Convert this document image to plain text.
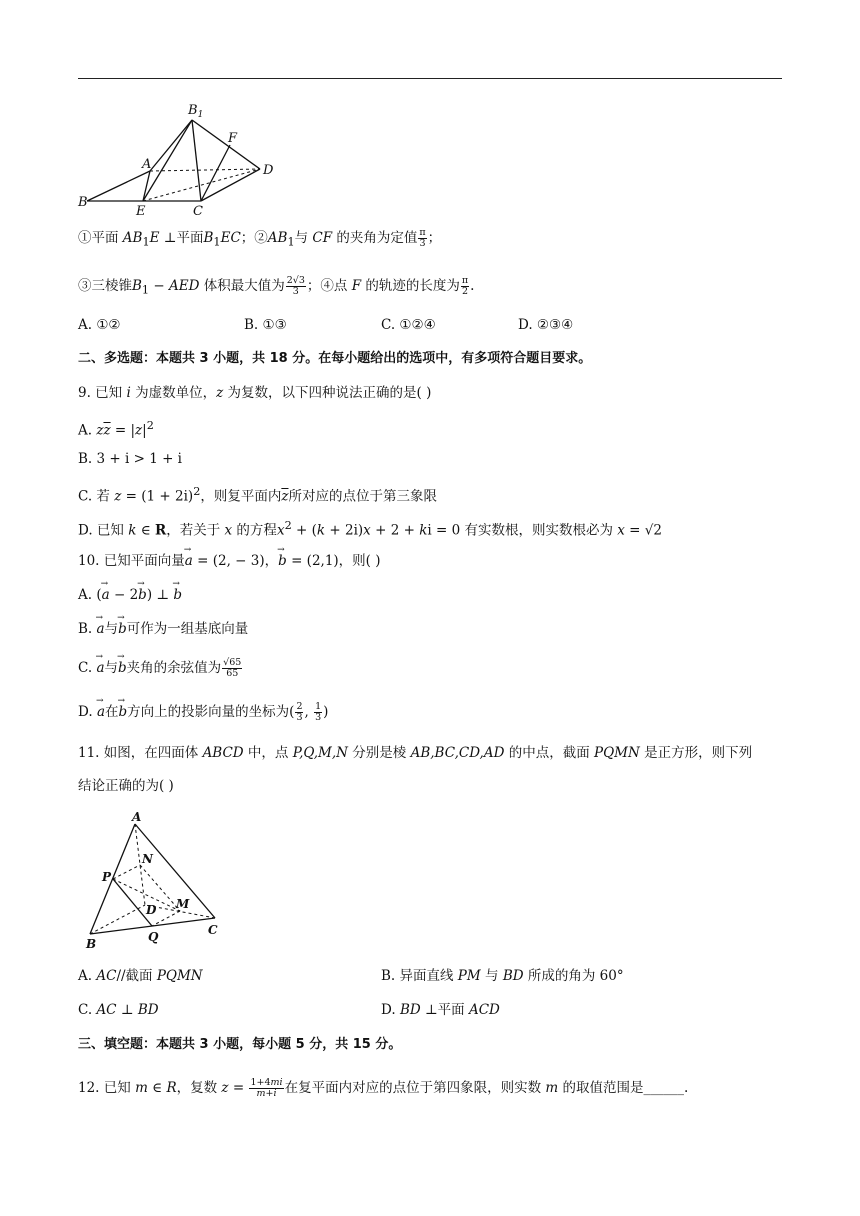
$B_1$
A
F
D
B
E	C
①平面 $AB_1E$ ⊥平面$B_1EC$；$②AB_1$与 CF 的夹角为定值 $\frac{\pi}{3}$ ；
③三棱锥$B_1$ − AED 体积最大值为 $\frac{2√3}{3}$ ；④点 F 的轨迹的长度为 $\frac{\pi}{2}$ .
A. ①②	B. ①③	C. ①②④	D. ②③④
二、多选题：本题共 3 小题，共 18 分。在每小题给出的选项中，有多项符合题目要求。
9. 已知 i 为虚数单位，z 为复数，以下四种说法正确的是( )
A. $z\overline{z} = |z|^2$
B. 3 + i > 1 + i
C. 若 $z = (1 + 2i)^2$，则复平面内$\overline{z}$所对应的点位于第三象限
D. 已知 k ∈ R，若关于 x 的方程$x^2 + (k + 2i)x + 2$ + ki = 0 有实数根，则实数根必为 x = √2
10. 已知平面向量→ a = (2, − 3)，→ b = (2,1)，则( )
A. (→ a − 2→ b) ⊥ → b
B. → a与→ b可作为一组基底向量
C. → a与→ b夹角的余弦值为 $\frac{√65}{65}$
D. → a在→ b方向上的投影向量的坐标为( $\frac{2}{3}$ , $\frac{1}{3}$ )
11. 如图，在四面体 ABCD 中，点 P,Q,M,N 分别是棱 AB,BC,CD,AD 的中点，截面 PQMN 是正方形，则下列
结论正确的为( )
A
N
P
D M
B	Q	C
A. AC//截面 PQMN	B. 异面直线 PM 与 BD 所成的角为 60°
C. AC ⊥ BD	D. BD ⊥平面 ACD
三、填空题：本题共 3 小题，每小题 5 分，共 15 分。
12. 已知 m ∈ R，复数 $z = \frac{1+4mi}{m+i}$ 在复平面内对应的点位于第四象限，则实数 m 的取值范围是______.
